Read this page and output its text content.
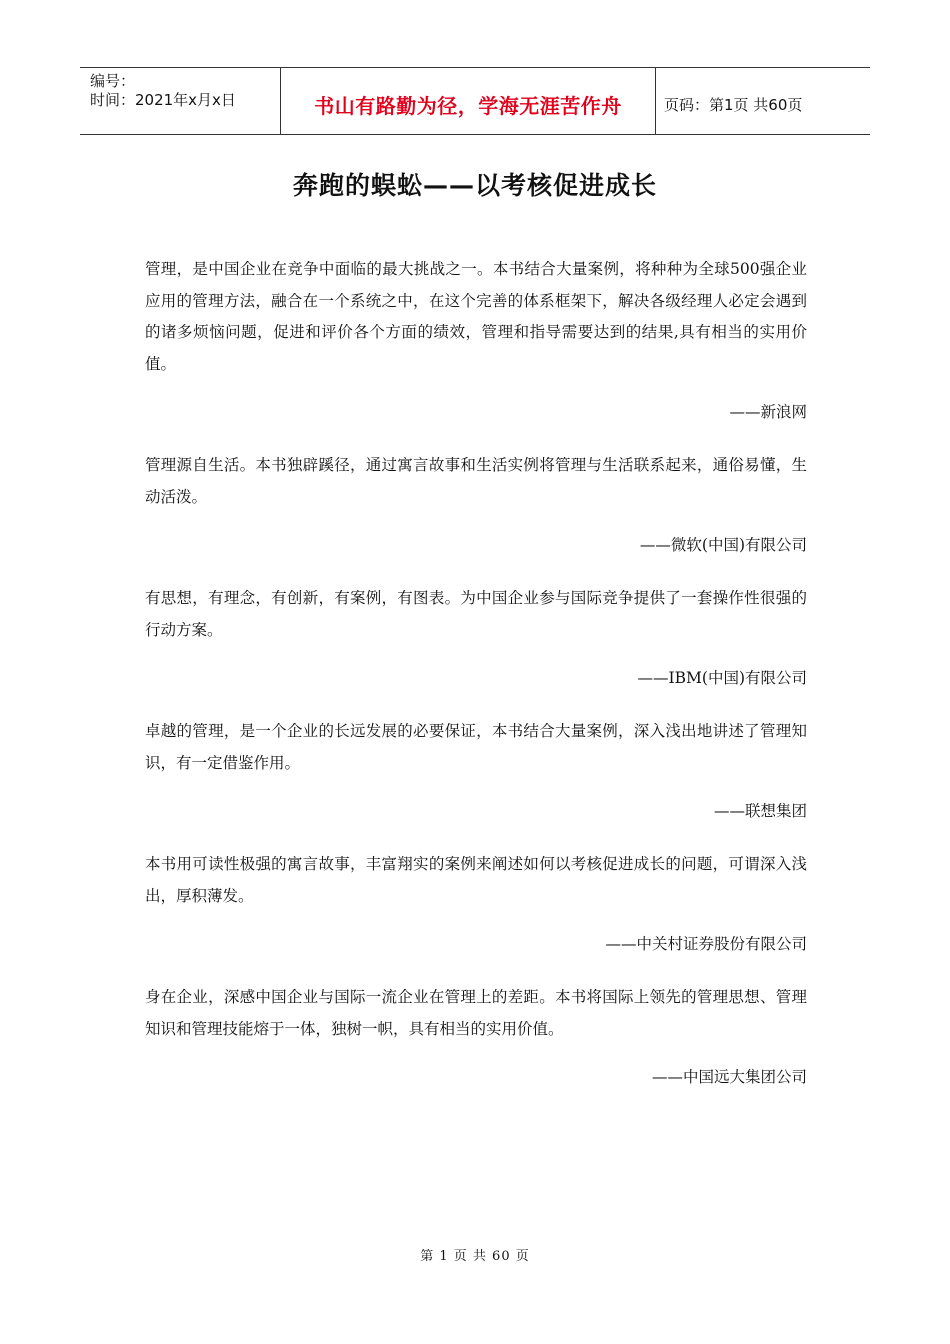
编号：
时间：2021年x月x日	书山有路勤为径，学海无涯苦作舟	页码：第1页 共60页
奔跑的蜈蚣——以考核促进成长

管理，是中国企业在竞争中面临的最大挑战之一。本书结合大量案例，将种种为全球500强企业应用的管理方法，融合在一个系统之中，在这个完善的体系框架下，解决各级经理人必定会遇到的诸多烦恼问题，促进和评价各个方面的绩效，管理和指导需要达到的结果,具有相当的实用价值。

——新浪网

管理源自生活。本书独辟蹊径，通过寓言故事和生活实例将管理与生活联系起来，通俗易懂，生动活泼。

——微软(中国)有限公司

有思想，有理念，有创新，有案例，有图表。为中国企业参与国际竞争提供了一套操作性很强的行动方案。

——IBM(中国)有限公司

卓越的管理，是一个企业的长远发展的必要保证，本书结合大量案例，深入浅出地讲述了管理知识，有一定借鉴作用。

——联想集团

本书用可读性极强的寓言故事，丰富翔实的案例来阐述如何以考核促进成长的问题，可谓深入浅出，厚积薄发。

——中关村证券股份有限公司

身在企业，深感中国企业与国际一流企业在管理上的差距。本书将国际上领先的管理思想、管理知识和管理技能熔于一体，独树一帜，具有相当的实用价值。

——中国远大集团公司
第 1 页 共 60 页
